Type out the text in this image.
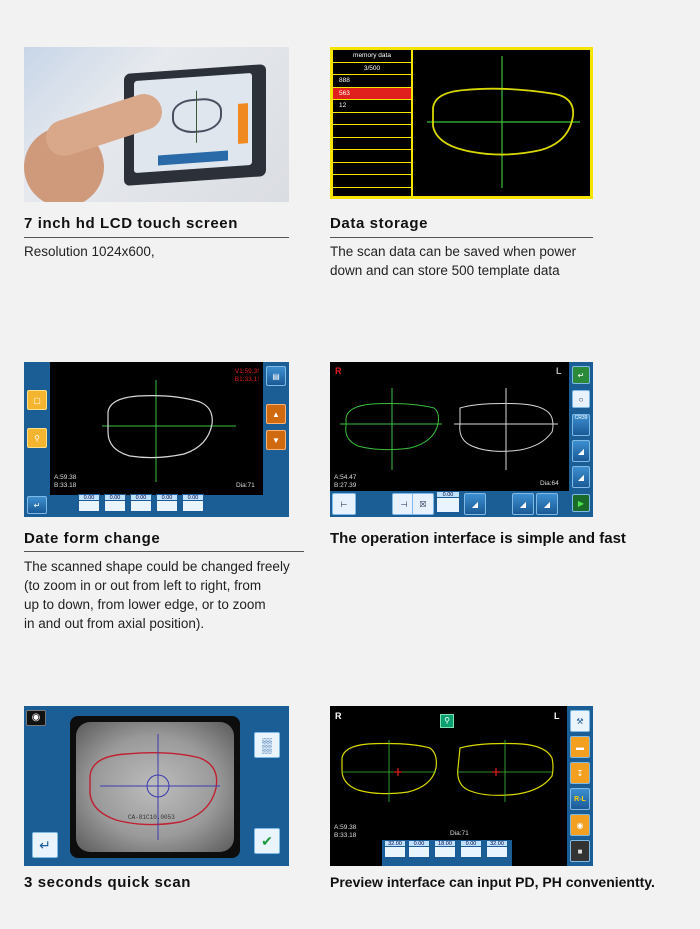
7 inch hd LCD touch screen
Resolution 1024x600,
memory data
3/500
888
563
12
Data storage
The scan data can be saved when power
down and can store 500 template data
▢
⚲
↵
▤
▲
▼
V1:59.3!
B1:33.1!
A:59.38
B:33.18	Dia:71
0.00	0.00	0.00	0.00	0.00
Date form change
The scanned shape could be changed freely
(to zoom in or out from left to right, from
up to down, from lower edge, or to zoom
in and out from axial position).
R	L
A:54.47
B:27.39	Dia:64
↵
○
CR39
◢
◢
▶
⊢	⊣ ☒
0.00
◢	◢ ◢
The operation interface is simple and fast
◉
CA-81C10.0053
▒
↵	✔
3 seconds quick scan
R	L
⚲
A:59.38
B:33.18	Dia:71
32.00	0.00	18.00	0.00	32.00
⚒
▬
↧
R-L
◉
■
Preview interface can input PD, PH convenientty.
